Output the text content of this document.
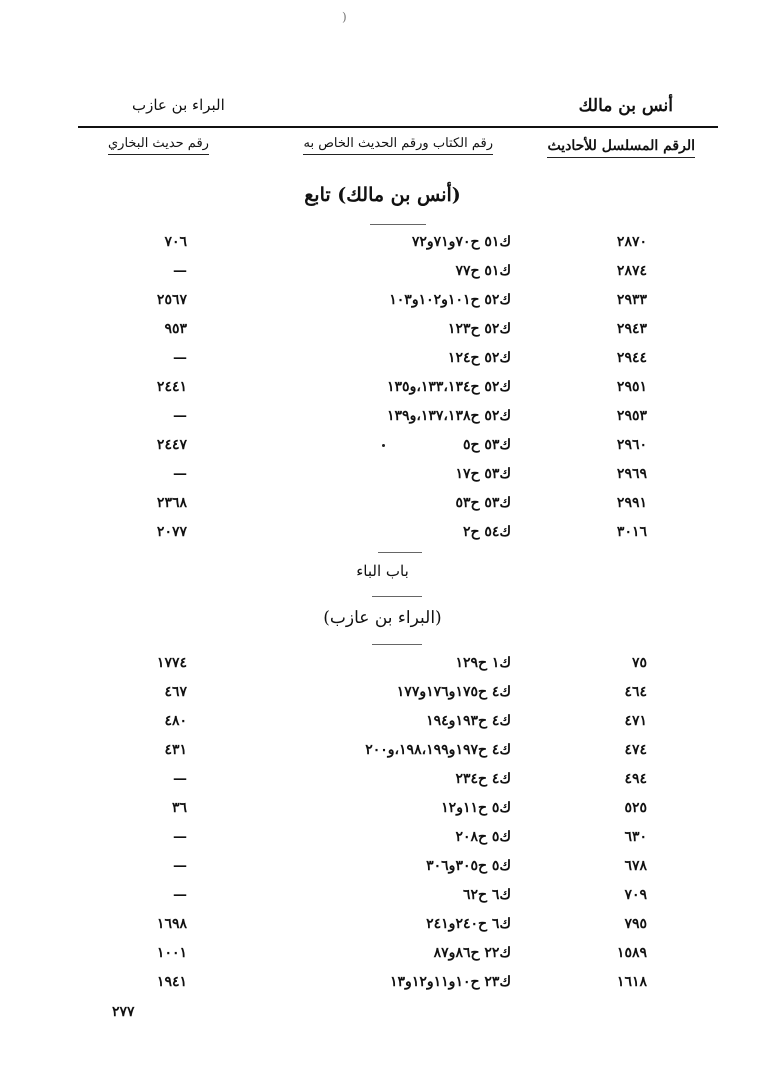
)
أنس بن مالك
البراء بن عازب
الرقم المسلسل للأحاديث
رقم الكتاب ورقم الحديث الخاص به
رقم حديث البخاري
(أنس بن مالك) تابع
٢٨٧٠
ك٥١ ح٧٠و٧١و٧٢
٧٠٦
٢٨٧٤
ك٥١ ح٧٧
—
٢٩٣٣
ك٥٢ ح١٠١و١٠٢و١٠٣
٢٥٦٧
٢٩٤٣
ك٥٢ ح١٢٣
٩٥٣
٢٩٤٤
ك٥٢ ح١٢٤
—
٢٩٥١
ك٥٢ ح١٣٣،١٣٤،و١٣٥
٢٤٤١
٢٩٥٣
ك٥٢ ح١٣٧،١٣٨،و١٣٩
—
٢٩٦٠
ك٥٣ ح٥
٢٤٤٧
٢٩٦٩
ك٥٣ ح١٧
—
٢٩٩١
ك٥٣ ح٥٣
٢٣٦٨
٣٠١٦
ك٥٤ ح٢
٢٠٧٧
باب الباء
(البراء بن عازب)
٧٥
ك١ ح١٢٩
١٧٧٤
٤٦٤
ك٤ ح١٧٥و١٧٦و١٧٧
٤٦٧
٤٧١
ك٤ ح١٩٣و١٩٤
٤٨٠
٤٧٤
ك٤ ح١٩٧و١٩٨،١٩٩،و٢٠٠
٤٣١
٤٩٤
ك٤ ح٢٣٤
—
٥٢٥
ك٥ ح١١و١٢
٣٦
٦٣٠
ك٥ ح٢٠٨
—
٦٧٨
ك٥ ح٣٠٥و٣٠٦
—
٧٠٩
ك٦ ح٦٢
—
٧٩٥
ك٦ ح٢٤٠و٢٤١
١٦٩٨
١٥٨٩
ك٢٢ ح٨٦و٨٧
١٠٠١
١٦١٨
ك٢٣ ح١٠و١١و١٢و١٣
١٩٤١
٢٧٧
